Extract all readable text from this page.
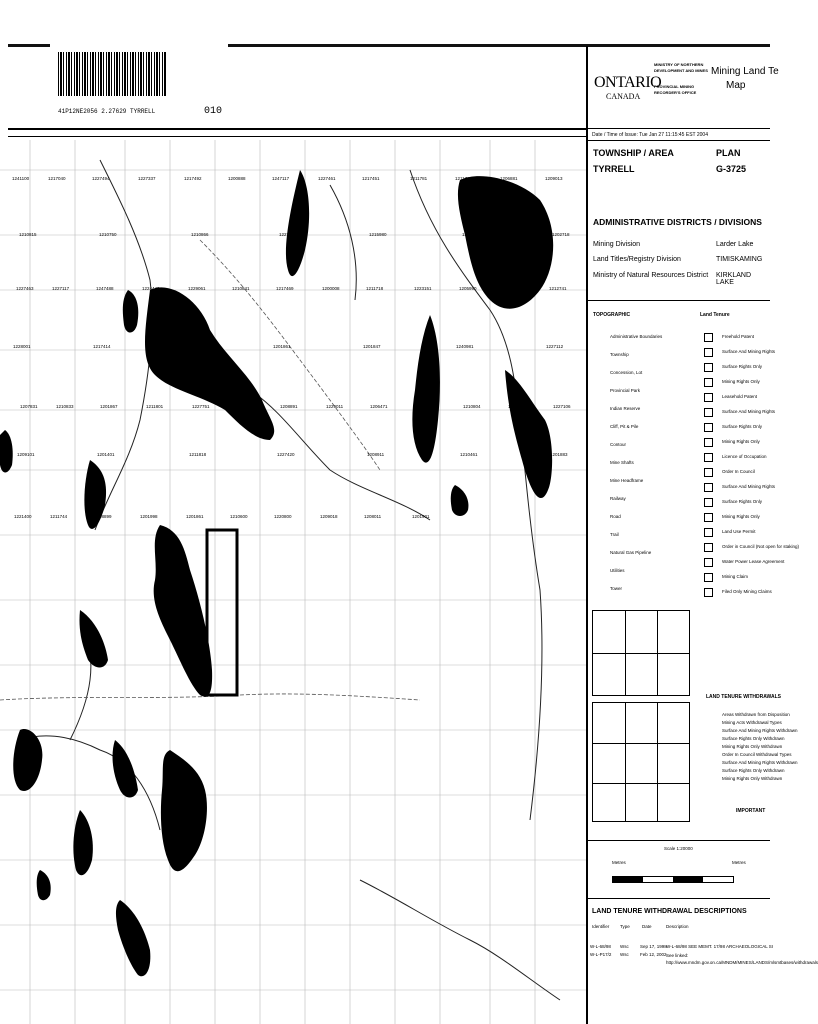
41P12NE2056 2.27629 TYRRELL	010
1241100	1217040	1227494	1227337	1217492	1200888	1247117	1227461	1217451	1211781	1211784	1206881	1209013
1210815	1210750	1210866	1227051	1215980	1210731	1202718
1227463	1227117	1247488	1224448	1229061	1210841	1217469	1200008	1211718	1223151	1205990	1210014	1212741
1228001	1217414	1211900	1201861	1201847	1240981	1227112
1207831	1210833	1201867	1211801	1227751	1213002	1208891	1229011	1206471	1225417	1210804	1226710	1227106
1209101	1201401	1211818	1227420	1208911	1210461	1201883
1221400	1211744	1208899	1201998	1201861	1210600	1220800	1209018	1208011	1201901
ONTARIO
CANADA
MINISTRY OF NORTHERN
DEVELOPMENT AND MINES
PROVINCIAL MINING
RECORDER'S OFFICE
Mining Land Te
Map
Date / Time of Issue: Tue Jan 27 11:15:45 EST 2004
TOWNSHIP / AREA
TYRRELL
PLAN
G-3725
ADMINISTRATIVE DISTRICTS / DIVISIONS
Mining Division	Larder Lake
Land Titles/Registry Division	TIMISKAMING
Ministry of Natural Resources District KIRKLAND LAKE
TOPOGRAPHIC	Land Tenure
Administrative Boundaries
Township
Concession, Lot
Provincial Park
Indian Reserve
Cliff, Pit & Pile
Contour
Mine Shafts
Mine Headframe
Railway
Road
Trail
Natural Gas Pipeline
Utilities
Tower
Freehold Patent
Surface And Mining Rights
Surface Rights Only
Mining Rights Only
Leasehold Patent
Surface And Mining Rights
Surface Rights Only
Mining Rights Only
Licence of Occupation
Order In Council
Surface And Mining Rights
Surface Rights Only
Mining Rights Only
Land Use Permit
Order in Council (Not open for staking)
Water Power Lease Agreement
Mining Claim
Filed Only Mining Claims
LAND TENURE WITHDRAWALS
Areas Withdrawn from Disposition
Mining Acts Withdrawal Types
Surface And Mining Rights Withdrawn
Surface Rights Only Withdrawn
Mining Rights Only Withdrawn
Order In Council Withdrawal Types
Surface And Mining Rights Withdrawn
Surface Rights Only Withdrawn
Mining Rights Only Withdrawn
IMPORTANT
Scale 1:20000
Metres	Metres
LAND TENURE WITHDRAWAL DESCRIPTIONS
Identifier Type	Date	Description
W-L-68/98 Wsc	Sep 17, 1998 W-L-68/98 SEE MEMT. 17/98 ARCHAEOLOGICAL SI
W-L-P17/2 Wsc	Feb 12, 2002 See linked: http://www.mndm.gov.on.ca/MNDM/MINES/LANDS/mlsmtbases/withdrawals
